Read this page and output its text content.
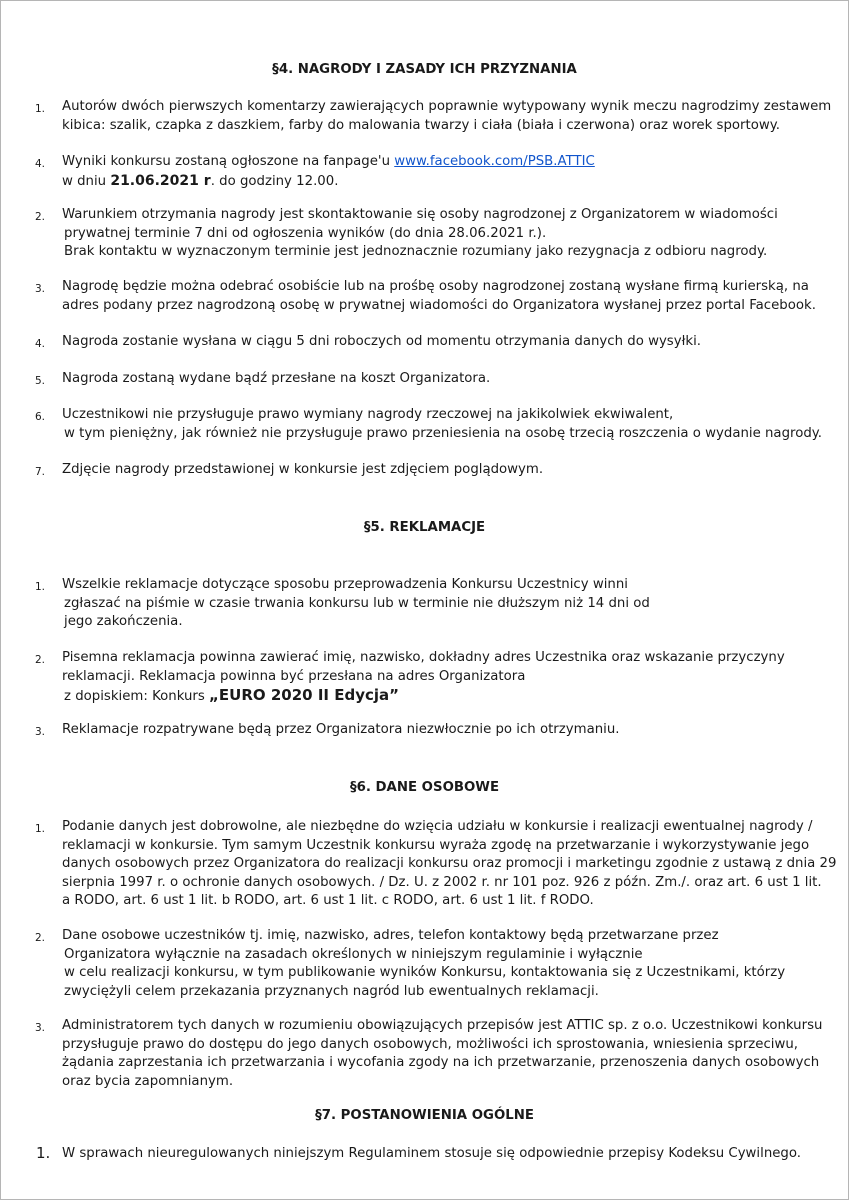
§4. NAGRODY I ZASADY ICH PRZYZNANIA
1. Autorów dwóch pierwszych komentarzy zawierających poprawnie wytypowany wynik meczu nagrodzimy zestawem
kibica: szalik, czapka z daszkiem, farby do malowania twarzy i ciała (biała i czerwona) oraz worek sportowy.
4. Wyniki konkursu zostaną ogłoszone na fanpage'u www.facebook.com/PSB.ATTIC
w dniu 21.06.2021 r. do godziny 12.00.
2. Warunkiem otrzymania nagrody jest skontaktowanie się osoby nagrodzonej z Organizatorem w wiadomości
prywatnej terminie 7 dni od ogłoszenia wyników (do dnia 28.06.2021 r.).
Brak kontaktu w wyznaczonym terminie jest jednoznacznie rozumiany jako rezygnacja z odbioru nagrody.
3. Nagrodę będzie można odebrać osobiście lub na prośbę osoby nagrodzonej zostaną wysłane firmą kurierską, na
adres podany przez nagrodzoną osobę w prywatnej wiadomości do Organizatora wysłanej przez portal Facebook.
4. Nagroda zostanie wysłana w ciągu 5 dni roboczych od momentu otrzymania danych do wysyłki.
5. Nagroda zostaną wydane bądź przesłane na koszt Organizatora.
6. Uczestnikowi nie przysługuje prawo wymiany nagrody rzeczowej na jakikolwiek ekwiwalent,
w tym pieniężny, jak również nie przysługuje prawo przeniesienia na osobę trzecią roszczenia o wydanie nagrody.
7. Zdjęcie nagrody przedstawionej w konkursie jest zdjęciem poglądowym.
§5. REKLAMACJE
1. Wszelkie reklamacje dotyczące sposobu przeprowadzenia Konkursu Uczestnicy winni
zgłaszać na piśmie w czasie trwania konkursu lub w terminie nie dłuższym niż 14 dni od
jego zakończenia.
2. Pisemna reklamacja powinna zawierać imię, nazwisko, dokładny adres Uczestnika oraz wskazanie przyczyny
reklamacji. Reklamacja powinna być przesłana na adres Organizatora
z dopiskiem: Konkurs „EURO 2020 II Edycja”
3. Reklamacje rozpatrywane będą przez Organizatora niezwłocznie po ich otrzymaniu.
§6. DANE OSOBOWE
1. Podanie danych jest dobrowolne, ale niezbędne do wzięcia udziału w konkursie i realizacji ewentualnej nagrody /
reklamacji w konkursie. Tym samym Uczestnik konkursu wyraża zgodę na przetwarzanie i wykorzystywanie jego
danych osobowych przez Organizatora do realizacji konkursu oraz promocji i marketingu zgodnie z ustawą z dnia 29
sierpnia 1997 r. o ochronie danych osobowych. / Dz. U. z 2002 r. nr 101 poz. 926 z późn. Zm./. oraz art. 6 ust 1 lit.
a RODO, art. 6 ust 1 lit. b RODO, art. 6 ust 1 lit. c RODO, art. 6 ust 1 lit. f RODO.
2. Dane osobowe uczestników tj. imię, nazwisko, adres, telefon kontaktowy będą przetwarzane przez
Organizatora wyłącznie na zasadach określonych w niniejszym regulaminie i wyłącznie
w celu realizacji konkursu, w tym publikowanie wyników Konkursu, kontaktowania się z Uczestnikami, którzy
zwyciężyli celem przekazania przyznanych nagród lub ewentualnych reklamacji.
3. Administratorem tych danych w rozumieniu obowiązujących przepisów jest ATTIC sp. z o.o. Uczestnikowi konkursu
przysługuje prawo do dostępu do jego danych osobowych, możliwości ich sprostowania, wniesienia sprzeciwu,
żądania zaprzestania ich przetwarzania i wycofania zgody na ich przetwarzanie, przenoszenia danych osobowych
oraz bycia zapomnianym.
§7. POSTANOWIENIA OGÓLNE
1. W sprawach nieuregulowanych niniejszym Regulaminem stosuje się odpowiednie przepisy Kodeksu Cywilnego.
